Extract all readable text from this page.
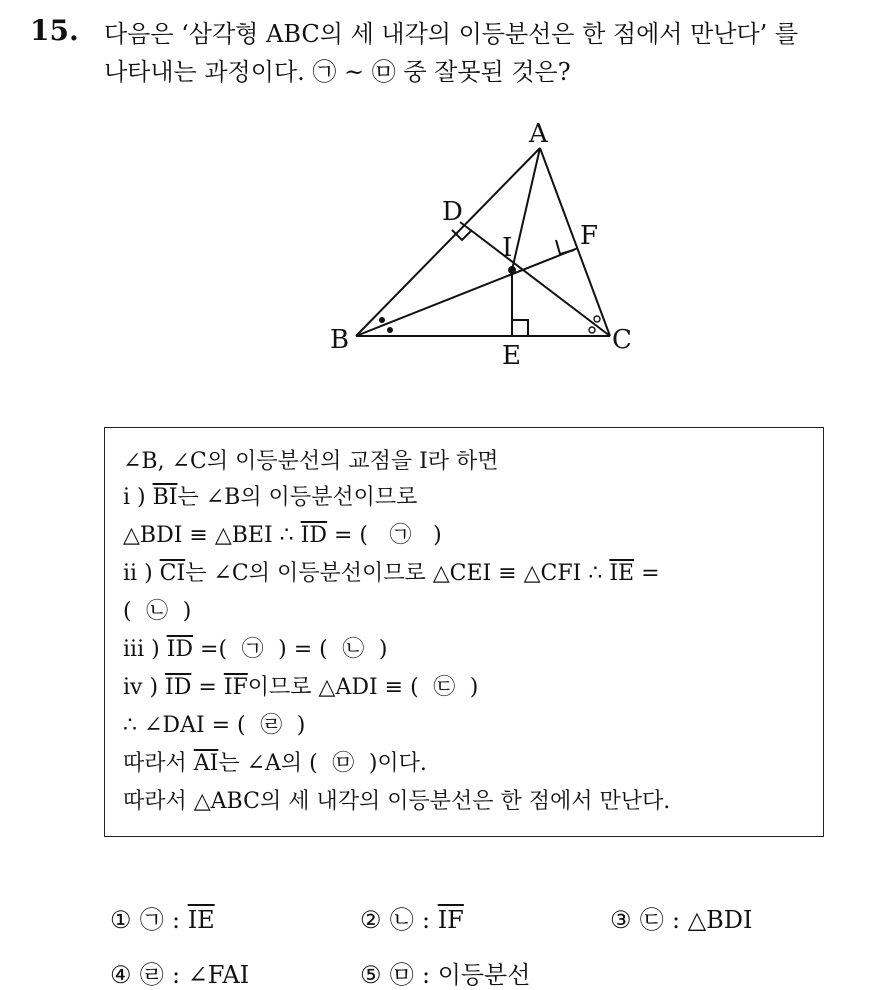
15. 다음은 ‘삼각형 ABC의 세 내각의 이등분선은 한 점에서 만난다’ 를
나타내는 과정이다. ㉠ ~ ㉤ 중 잘못된 것은?
A
B	C
D
E
F
I
∠B, ∠C의 이등분선의 교점을 I라 하면
i ) $\overline{BI}$는 ∠B의 이등분선이므로
△BDI ≡ △BEI ∴ $\overline{ID}$ = ( ㉠ )
ii ) $\overline{CI}$는 ∠C의 이등분선이므로 △CEI ≡ △CFI ∴ $\overline{IE}$ =
( ㉡ )
iii ) $\overline{ID}$ =( ㉠ ) = ( ㉡ )
iv ) $\overline{ID} = \overline{IF}$이므로 △ADI ≡ ( ㉢ )
∴ ∠DAI = ( ㉣ )
따라서 $\overline{AI}$는 ∠A의 ( ㉤ )이다.
따라서 △ABC의 세 내각의 이등분선은 한 점에서 만난다.
① ㉠ : $\overline{IE}$	② ㉡ : $\overline{IF}$	③ ㉢ : △BDI
④ ㉣ : ∠FAI	⑤ ㉤ : 이등분선
